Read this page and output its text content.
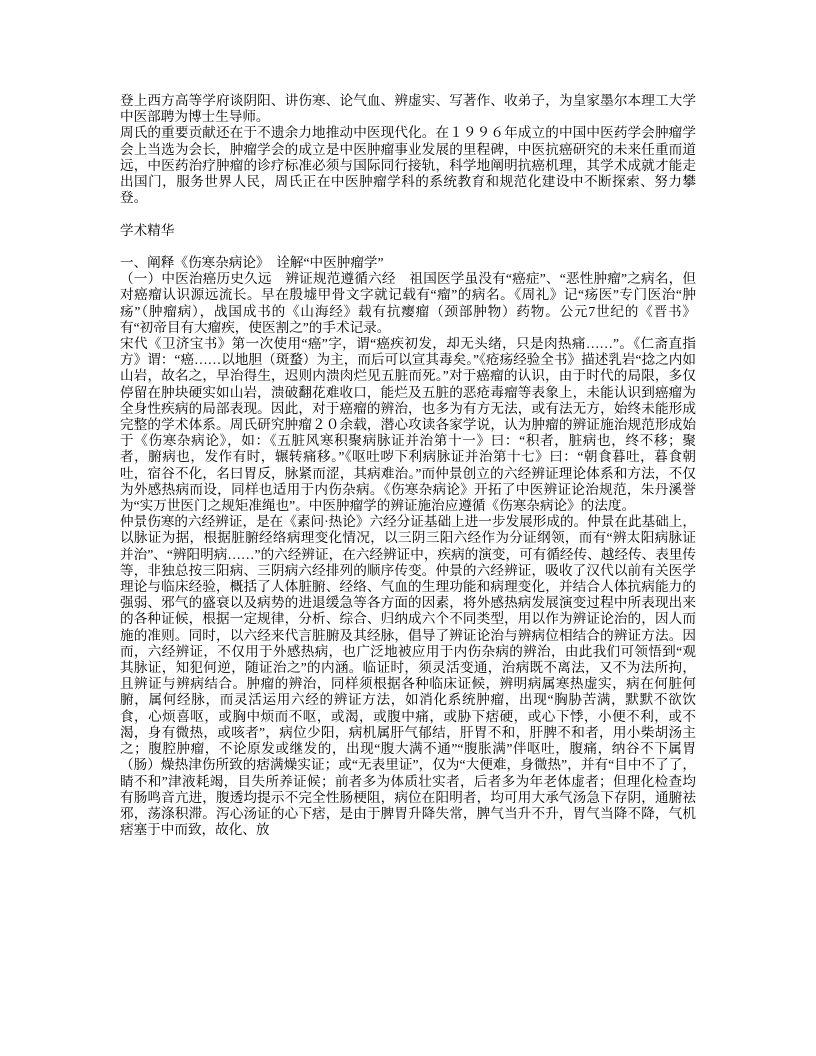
登上西方高等学府谈阴阳、讲伤寒、论气血、辨虚实、写著作、收弟子，为皇家墨尔本理工大学中医部聘为博士生导师。
周氏的重要贡献还在于不遗余力地推动中医现代化。在１９９６年成立的中国中医药学会肿瘤学会上当选为会长，肿瘤学会的成立是中医肿瘤事业发展的里程碑，中医抗癌研究的未来任重而道远，中医药治疗肿瘤的诊疗标准必须与国际同行接轨，科学地阐明抗癌机理，其学术成就才能走出国门，服务世界人民，周氏正在中医肿瘤学科的系统教育和规范化建设中不断探索、努力攀登。
学术精华
一、阐释《伤寒杂病论》　诠解“中医肿瘤学”
（一）中医治癌历史久远　辨证规范遵循六经　祖国医学虽没有“癌症”、“恶性肿瘤”之病名，但对癌瘤认识源远流长。早在殷墟甲骨文字就记载有“瘤”的病名。《周礼》记“疡医”专门医治“肿疡”（肿瘤病），战国成书的《山海经》载有抗瘿瘤（颈部肿物）药物。公元7世纪的《晋书》有“初帝目有大瘤疾，使医割之”的手术记录。
宋代《卫济宝书》第一次使用“癌”字，谓“癌疾初发，却无头绪，只是肉热痛……”。《仁斋直指方》谓：“癌……以地胆（斑蝥）为主，而后可以宣其毒矣。”《疮疡经验全书》描述乳岩“捻之内如山岩，故名之，早治得生，迟则内溃肉烂见五脏而死。”对于癌瘤的认识，由于时代的局限，多仅停留在肿块硬实如山岩，溃破翻花难收口，能烂及五脏的恶疮毒瘤等表象上，未能认识到癌瘤为全身性疾病的局部表现。因此，对于癌瘤的辨治，也多为有方无法，或有法无方，始终未能形成完整的学术体系。周氏研究肿瘤２０余载，潜心攻读各家学说，认为肿瘤的辨证施治规范形成始于《伤寒杂病论》，如：《五脏风寒积聚病脉证并治第十一》曰：“积者，脏病也，终不移；聚者，腑病也，发作有时，辗转痛移。”《呕吐哕下利病脉证并治第十七》曰：“朝食暮吐，暮食朝吐，宿谷不化，名曰胃反，脉紧而涩，其病难治。”而仲景创立的六经辨证理论体系和方法，不仅为外感热病而设，同样也适用于内伤杂病。《伤寒杂病论》开拓了中医辨证论治规范，朱丹溪誉为“实万世医门之规矩准绳也”。中医肿瘤学的辨证施治应遵循《伤寒杂病论》的法度。
仲景伤寒的六经辨证，是在《素问·热论》六经分证基础上进一步发展形成的。仲景在此基础上，以脉证为据，根据脏腑经络病理变化情况，以三阴三阳六经作为分证纲领，而有“辨太阳病脉证并治”、“辨阳明病……”的六经辨证，在六经辨证中，疾病的演变，可有循经传、越经传、表里传等，非独总按三阳病、三阴病六经排列的顺序传变。仲景的六经辨证，吸收了汉代以前有关医学理论与临床经验，概括了人体脏腑、经络、气血的生理功能和病理变化，并结合人体抗病能力的强弱、邪气的盛衰以及病势的进退缓急等各方面的因素，将外感热病发展演变过程中所表现出来的各种证候，根据一定规律，分析、综合、归纳成六个不同类型，用以作为辨证论治的，因人而施的准则。同时，以六经来代言脏腑及其经脉，倡导了辨证论治与辨病位相结合的辨证方法。因而，六经辨证，不仅用于外感热病，也广泛地被应用于内伤杂病的辨治，由此我们可领悟到“观其脉证，知犯何逆，随证治之”的内涵。临证时，须灵活变通，治病既不离法，又不为法所拘，且辨证与辨病结合。肿瘤的辨治，同样须根据各种临床证候，辨明病属寒热虚实，病在何脏何腑，属何经脉，而灵活运用六经的辨证方法，如消化系统肿瘤，出现“胸胁苦满，默默不欲饮食，心烦喜呕，或胸中烦而不呕，或渴，或腹中痛，或胁下痞硬，或心下悸，小便不利，或不渴，身有微热，或咳者”，病位少阳，病机属肝气郁结，肝胃不和，肝脾不和者，用小柴胡汤主之；腹腔肿瘤，不论原发或继发的，出现“腹大满不通”“腹胀满”伴呕吐，腹痛，纳谷不下属胃（肠）燥热津伤所致的痞满燥实证；或“无表里证”，仅为“大便难，身微热”，并有“目中不了了，睛不和”津液耗竭，目失所养证候；前者多为体质壮实者，后者多为年老体虚者；但理化检查均有肠鸣音亢进，腹透均提示不完全性肠梗阻，病位在阳明者，均可用大承气汤急下存阴，通腑祛邪，荡涤积滞。泻心汤证的心下痞，是由于脾胃升降失常，脾气当升不升，胃气当降不降，气机痞塞于中而致，故化、放
